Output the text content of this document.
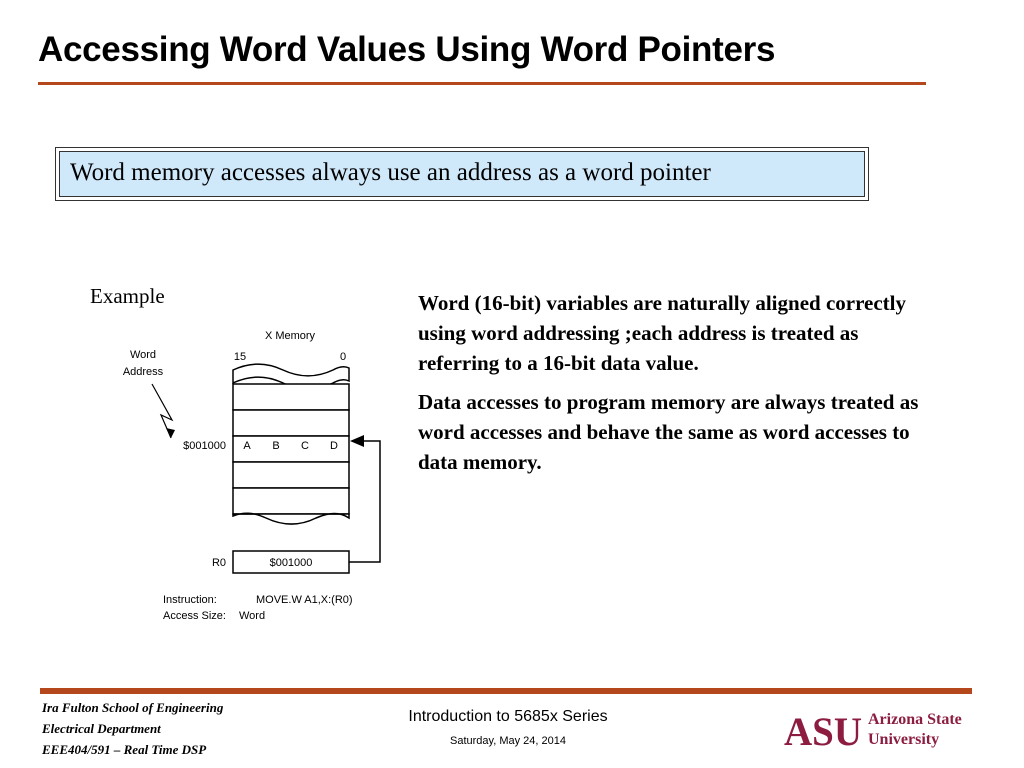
Accessing Word Values Using Word Pointers
Word memory accesses always use an address as a word pointer
Example
X Memory
15	0
Word
Address
$001000 A B C D
R0	$001000
Instruction:	MOVE.W A1,X:(R0)
Access Size: Word

Word (16-bit) variables are naturally aligned correctly using word addressing ;each address is treated as referring to a 16-bit data value.

Data accesses to program memory are always treated as word accesses and behave the same as word accesses to data memory.

Ira Fulton School of Engineering
Electrical Department
EEE404/591 – Real Time DSP
Introduction to 5685x Series
Saturday, May 24, 2014	ASU Arizona State
University
